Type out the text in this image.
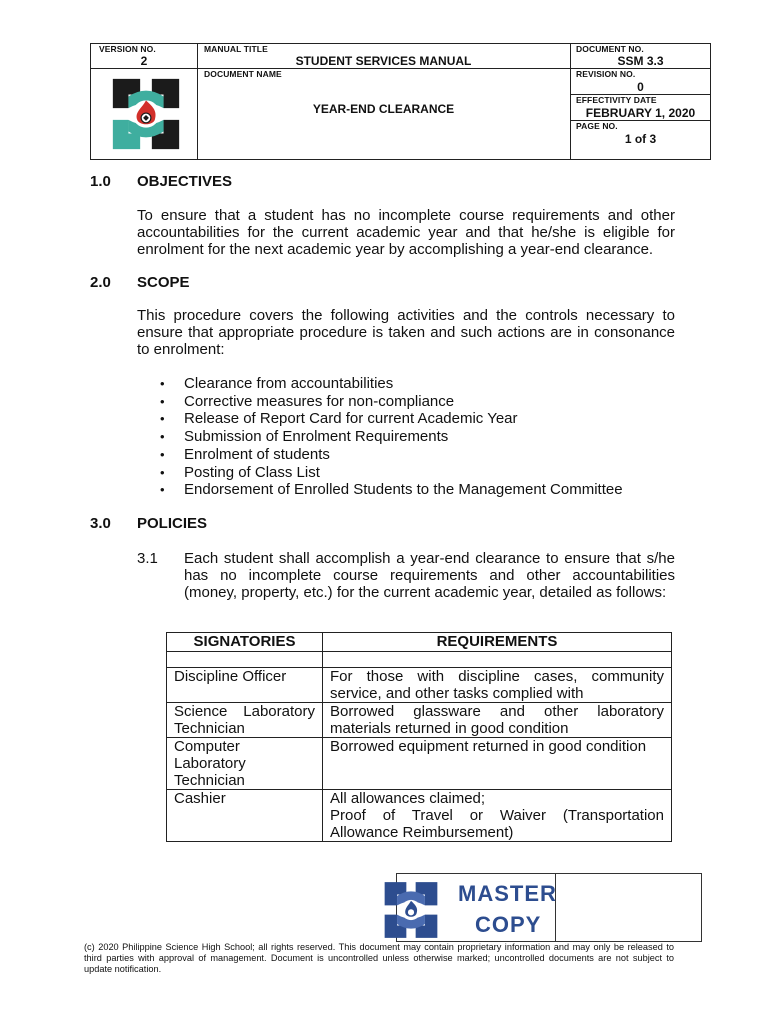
VERSION NO.
2
MANUAL TITLE
STUDENT SERVICES MANUAL
DOCUMENT NO.
SSM 3.3
DOCUMENT NAME
YEAR-END CLEARANCE
REVISION NO.
0
EFFECTIVITY DATE
FEBRUARY 1, 2020
PAGE NO.
1 of 3
1.0 OBJECTIVES
To ensure that a student has no incomplete course requirements and other accountabilities for the current academic year and that he/she is eligible for enrolment for the next academic year by accomplishing a year-end clearance.
2.0 SCOPE
This procedure covers the following activities and the controls necessary to ensure that appropriate procedure is taken and such actions are in consonance to enrolment:
• Clearance from accountabilities
• Corrective measures for non-compliance
• Release of Report Card for current Academic Year
• Submission of Enrolment Requirements
• Enrolment of students
• Posting of Class List
• Endorsement of Enrolled Students to the Management Committee
3.0 POLICIES
3.1 Each student shall accomplish a year-end clearance to ensure that s/he has no incomplete course requirements and other accountabilities (money, property, etc.) for the current academic year, detailed as follows:
SIGNATORIES	REQUIREMENTS

Discipline Officer	For those with discipline cases, community service, and other tasks complied with
Science Laboratory Technician	Borrowed glassware and other laboratory materials returned in good condition
Computer Laboratory Technician	Borrowed equipment returned in good condition
Cashier	All allowances claimed;
Proof of Travel or Waiver (Transportation Allowance Reimbursement)
MASTER
COPY
(c) 2020 Philippine Science High School; all rights reserved. This document may contain proprietary information and may only be released to third parties with approval of management. Document is uncontrolled unless otherwise marked; uncontrolled documents are not subject to update notification.
